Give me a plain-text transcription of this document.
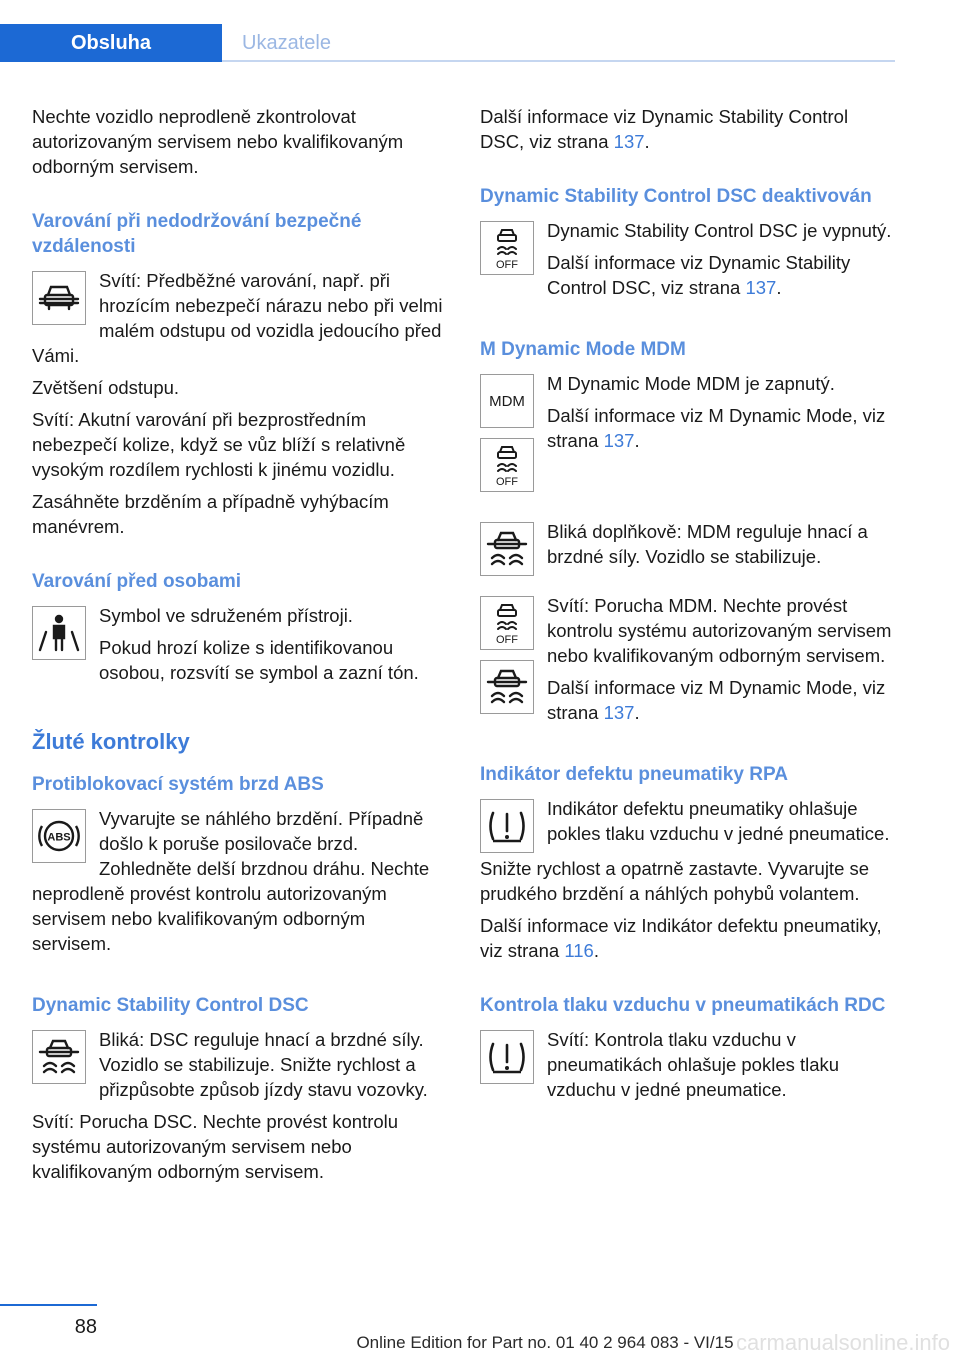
Obsluha	Ukazatele

Nechte vozidlo neprodleně zkontrolovat autorizovaným servisem nebo kvalifikovaným odborným servisem.

Varování při nedodržování bezpečné vzdálenosti

Svítí: Předběžné varování, např. při hrozícím nebezpečí nárazu nebo při velmi malém odstupu od vozidla jedoucího před Vámi.

Zvětšení odstupu.

Svítí: Akutní varování při bezprostředním nebezpečí kolize, když se vůz blíží s relativně vysokým rozdílem rychlosti k jinému vozidlu.

Zasáhněte brzděním a případně vyhýbacím manévrem.

Varování před osobami

Symbol ve sdruženém přístroji.

Pokud hrozí kolize s identifikovanou osobou, rozsvítí se symbol a zazní tón.

Žluté kontrolky
Protiblokovací systém brzd ABS
ABS

Vyvarujte se náhlého brzdění. Případně došlo k poruše posilovače brzd. Zohledněte delší brzdnou dráhu. Nechte neprodleně provést kontrolu autorizovaným servisem nebo kvalifikovaným odborným servisem.

Dynamic Stability Control DSC

Bliká: DSC reguluje hnací a brzdné síly. Vozidlo se stabilizuje. Snižte rychlost a přizpůsobte způsob jízdy stavu vozovky.

Svítí: Porucha DSC. Nechte provést kontrolu systému autorizovaným servisem nebo kvalifikovaným odborným servisem.

Další informace viz Dynamic Stability Control DSC, viz strana 137.

Dynamic Stability Control DSC deaktivován
OFF

Dynamic Stability Control DSC je vypnutý.

Další informace viz Dynamic Stability Control DSC, viz strana 137.

M Dynamic Mode MDM
MDM
OFF

M Dynamic Mode MDM je zapnutý.

Další informace viz M Dynamic Mode, viz strana 137.

Bliká doplňkově: MDM reguluje hnací a brzdné síly. Vozidlo se stabilizuje.

OFF

Svítí: Porucha MDM. Nechte provést kontrolu systému autorizovaným servisem nebo kvalifikovaným odborným servisem.

Další informace viz M Dynamic Mode, viz strana 137.

Indikátor defektu pneumatiky RPA

Indikátor defektu pneumatiky ohlašuje pokles tlaku vzduchu v jedné pneumatice.

Snižte rychlost a opatrně zastavte. Vyvarujte se prudkého brzdění a náhlých pohybů volantem.

Další informace viz Indikátor defektu pneumatiky, viz strana 116.

Kontrola tlaku vzduchu v pneumatikách RDC

Svítí: Kontrola tlaku vzduchu v pneumatikách ohlašuje pokles tlaku vzduchu v jedné pneumatice.

88
Online Edition for Part no. 01 40 2 964 083 - VI/15 carmanualsonline.info
